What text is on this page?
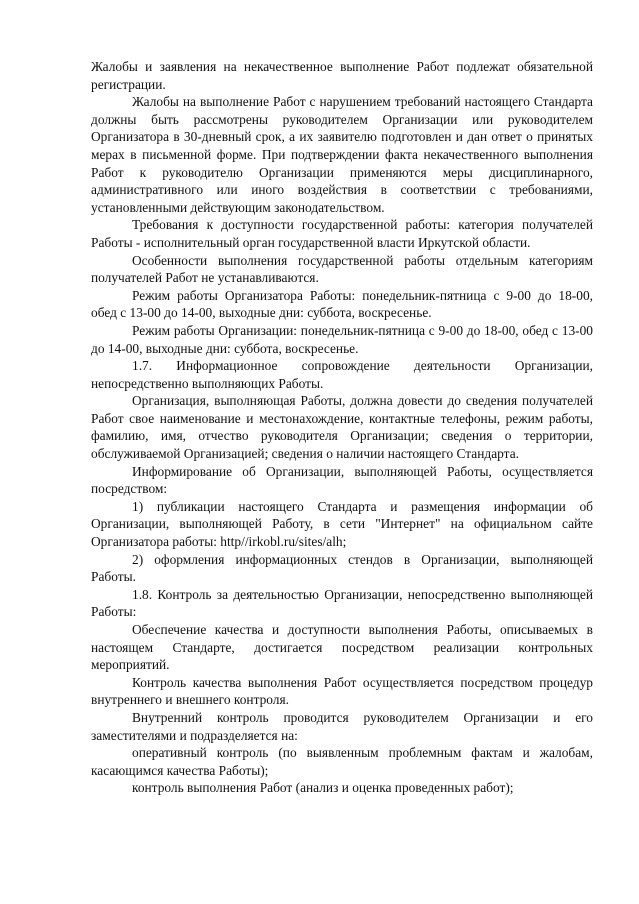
Жалобы и заявления на некачественное выполнение Работ подлежат обязательной регистрации.

Жалобы на выполнение Работ с нарушением требований настоящего Стандарта должны быть рассмотрены руководителем Организации или руководителем Организатора в 30-дневный срок, а их заявителю подготовлен и дан ответ о принятых мерах в письменной форме. При подтверждении факта некачественного выполнения Работ к руководителю Организации применяются меры дисциплинарного, административного или иного воздействия в соответствии с требованиями, установленными действующим законодательством.

Требования к доступности государственной работы: категория получателей Работы - исполнительный орган государственной власти Иркутской области.

Особенности выполнения государственной работы отдельным категориям получателей Работ не устанавливаются.

Режим работы Организатора Работы: понедельник-пятница с 9-00 до 18-00, обед с 13-00 до 14-00, выходные дни: суббота, воскресенье.

Режим работы Организации: понедельник-пятница с 9-00 до 18-00, обед с 13-00 до 14-00, выходные дни: суббота, воскресенье.

1.7. Информационное сопровождение деятельности Организации, непосредственно выполняющих Работы.

Организация, выполняющая Работы, должна довести до сведения получателей Работ свое наименование и местонахождение, контактные телефоны, режим работы, фамилию, имя, отчество руководителя Организации; сведения о территории, обслуживаемой Организацией; сведения о наличии настоящего Стандарта.

Информирование об Организации, выполняющей Работы, осуществляется посредством:

1) публикации настоящего Стандарта и размещения информации об Организации, выполняющей Работу, в сети "Интернет" на официальном сайте Организатора работы: http//irkobl.ru/sites/alh;

2) оформления информационных стендов в Организации, выполняющей Работы.

1.8. Контроль за деятельностью Организации, непосредственно выполняющей Работы:

Обеспечение качества и доступности выполнения Работы, описываемых в настоящем Стандарте, достигается посредством реализации контрольных мероприятий.

Контроль качества выполнения Работ осуществляется посредством процедур внутреннего и внешнего контроля.

Внутренний контроль проводится руководителем Организации и его заместителями и подразделяется на:

оперативный контроль (по выявленным проблемным фактам и жалобам, касающимся качества Работы);

контроль выполнения Работ (анализ и оценка проведенных работ);
